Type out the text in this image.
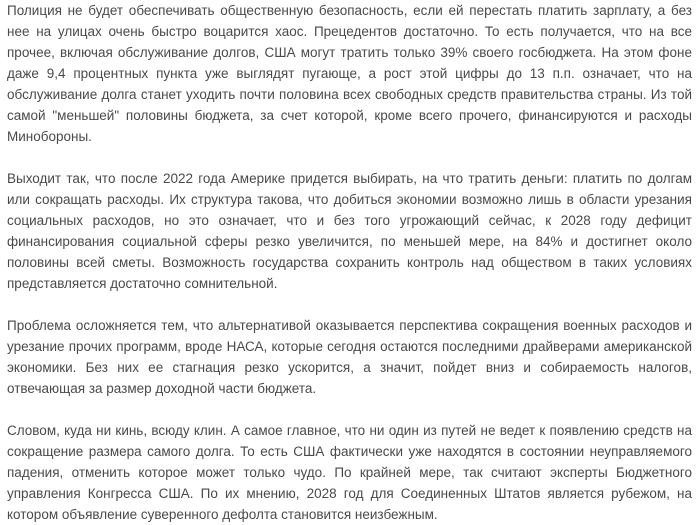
Полиция не будет обеспечивать общественную безопасность, если ей перестать платить зарплату, а без нее на улицах очень быстро воцарится хаос. Прецедентов достаточно. То есть получается, что на все прочее, включая обслуживание долгов, США могут тратить только 39% своего госбюджета. На этом фоне даже 9,4 процентных пункта уже выглядят пугающе, а рост этой цифры до 13 п.п. означает, что на обслуживание долга станет уходить почти половина всех свободных средств правительства страны. Из той самой "меньшей" половины бюджета, за счет которой, кроме всего прочего, финансируются и расходы Минобороны.

Выходит так, что после 2022 года Америке придется выбирать, на что тратить деньги: платить по долгам или сокращать расходы. Их структура такова, что добиться экономии возможно лишь в области урезания социальных расходов, но это означает, что и без того угрожающий сейчас, к 2028 году дефицит финансирования социальной сферы резко увеличится, по меньшей мере, на 84% и достигнет около половины всей сметы. Возможность государства сохранить контроль над обществом в таких условиях представляется достаточно сомнительной.

Проблема осложняется тем, что альтернативой оказывается перспектива сокращения военных расходов и урезание прочих программ, вроде НАСА, которые сегодня остаются последними драйверами американской экономики. Без них ее стагнация резко ускорится, а значит, пойдет вниз и собираемость налогов, отвечающая за размер доходной части бюджета.

Словом, куда ни кинь, всюду клин. А самое главное, что ни один из путей не ведет к появлению средств на сокращение размера самого долга. То есть США фактически уже находятся в состоянии неуправляемого падения, отменить которое может только чудо. По крайней мере, так считают эксперты Бюджетного управления Конгресса США. По их мнению, 2028 год для Соединенных Штатов является рубежом, на котором объявление суверенного дефолта становится неизбежным.
